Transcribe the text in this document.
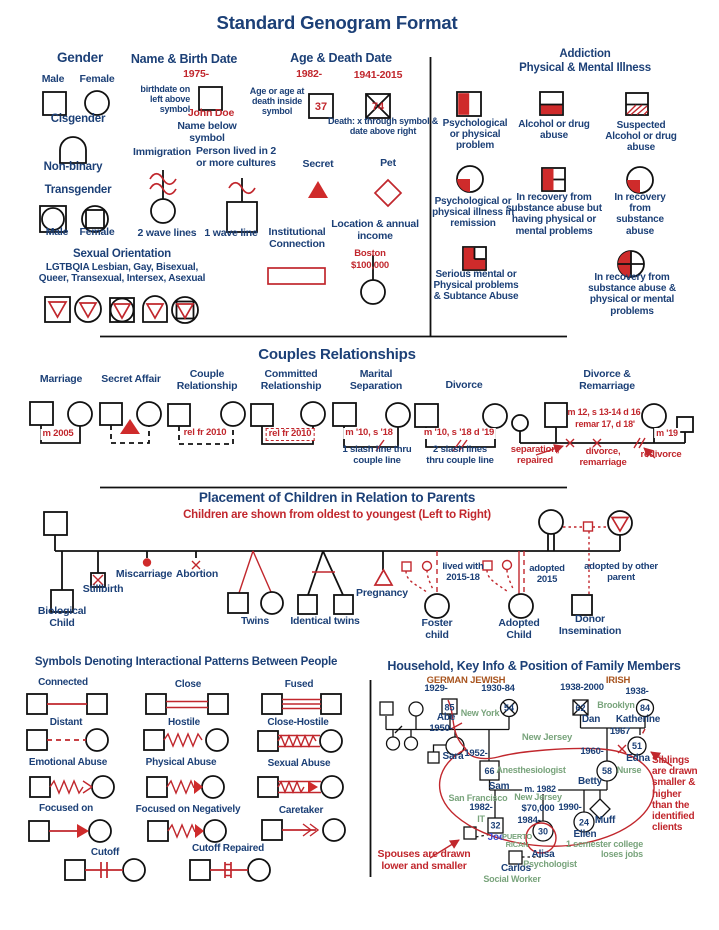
85	54	62	84
66	58
51
32
30
24
37	74
Standard Genogram Format
Gender
Male Female
Cisgender
Non-binary
Transgender
Male Female
Sexual Orientation
LGTBQIA Lesbian, Gay, Bisexual, Queer, Transexual, Intersex, Asexual
Name & Birth Date
1975-
birthdate on left above symbol
John Doe
Name below symbol
Immigration Person lived in 2 or more cultures
2 wave lines 1 wave line
Age & Death Date
1982-	1941-2015
Age or age at death inside symbol
Death: x through symbol & date above right
Secret	Pet
Institutional Connection
Location & annual income
Boston
$100,000
Addiction
Physical & Mental Illness
Psychological or physical problem
Alcohol or drug abuse
Suspected Alcohol or drug abuse
Psychological or physical illness in remission
In recovery from substance abuse but having physical or mental problems
In recovery from substance abuse
Serious mental or Physical problems & Subtance Abuse
In recovery from substance abuse & physical or mental problems
Couples Relationships
Marriage Secret Affair	Couple Relationship
Committed Relationship
Marital Separation	Divorce
Divorce & Remarriage
m 2005	rel fr 2010	rel fr 2010	m '10, s '18	m '10, s '18 d '19
m 12, s 13-14 d 16
remar 17, d 18'
m '19
1 slash line thru couple line
2 slash lines thru couple line
separation, repaired
divorce, remarriage
redivorce
Placement of Children in Relation to Parents
Children are shown from oldest to youngest (Left to Right)
Miscarriage Abortion
Stillbirth
Biological Child	Twins Identical twins
Pregnancy
lived with 2015-18
adopted 2015
adopted by other parent
Foster child
Adopted Child
Donor Insemination
Symbols Denoting Interactional Patterns Between People
Connected
Distant
Emotional Abuse
Focused on
Cutoff
Close
Hostile
Physical Abuse
Focused on Negatively
Cutoff Repaired
Fused
Close-Hostile
Sexual Abuse
Caretaker
Household, Key Info & Position of Family Members
GERMAN JEWISH	IRISH
1929-	1930-84	1938-2000 1938-
Abe New York
Dan
Brooklyn
Katherine
1950-
Sara 1952-
New Jersey
1967
Edna
Nurse
1960-
Sam
Anesthesiologist
Betty
m. 1982
San Francisco New Jersey
1982-	$70,000 1990-
IT
Joe
PUERTO RICAN
1984-
Alisa
Psychologist
Carlos
Social Worker
Ellen
Muff
1 semester college loses jobs
Siblings are drawn smaller & higher than the identified clients
Spouses are drawn lower and smaller
